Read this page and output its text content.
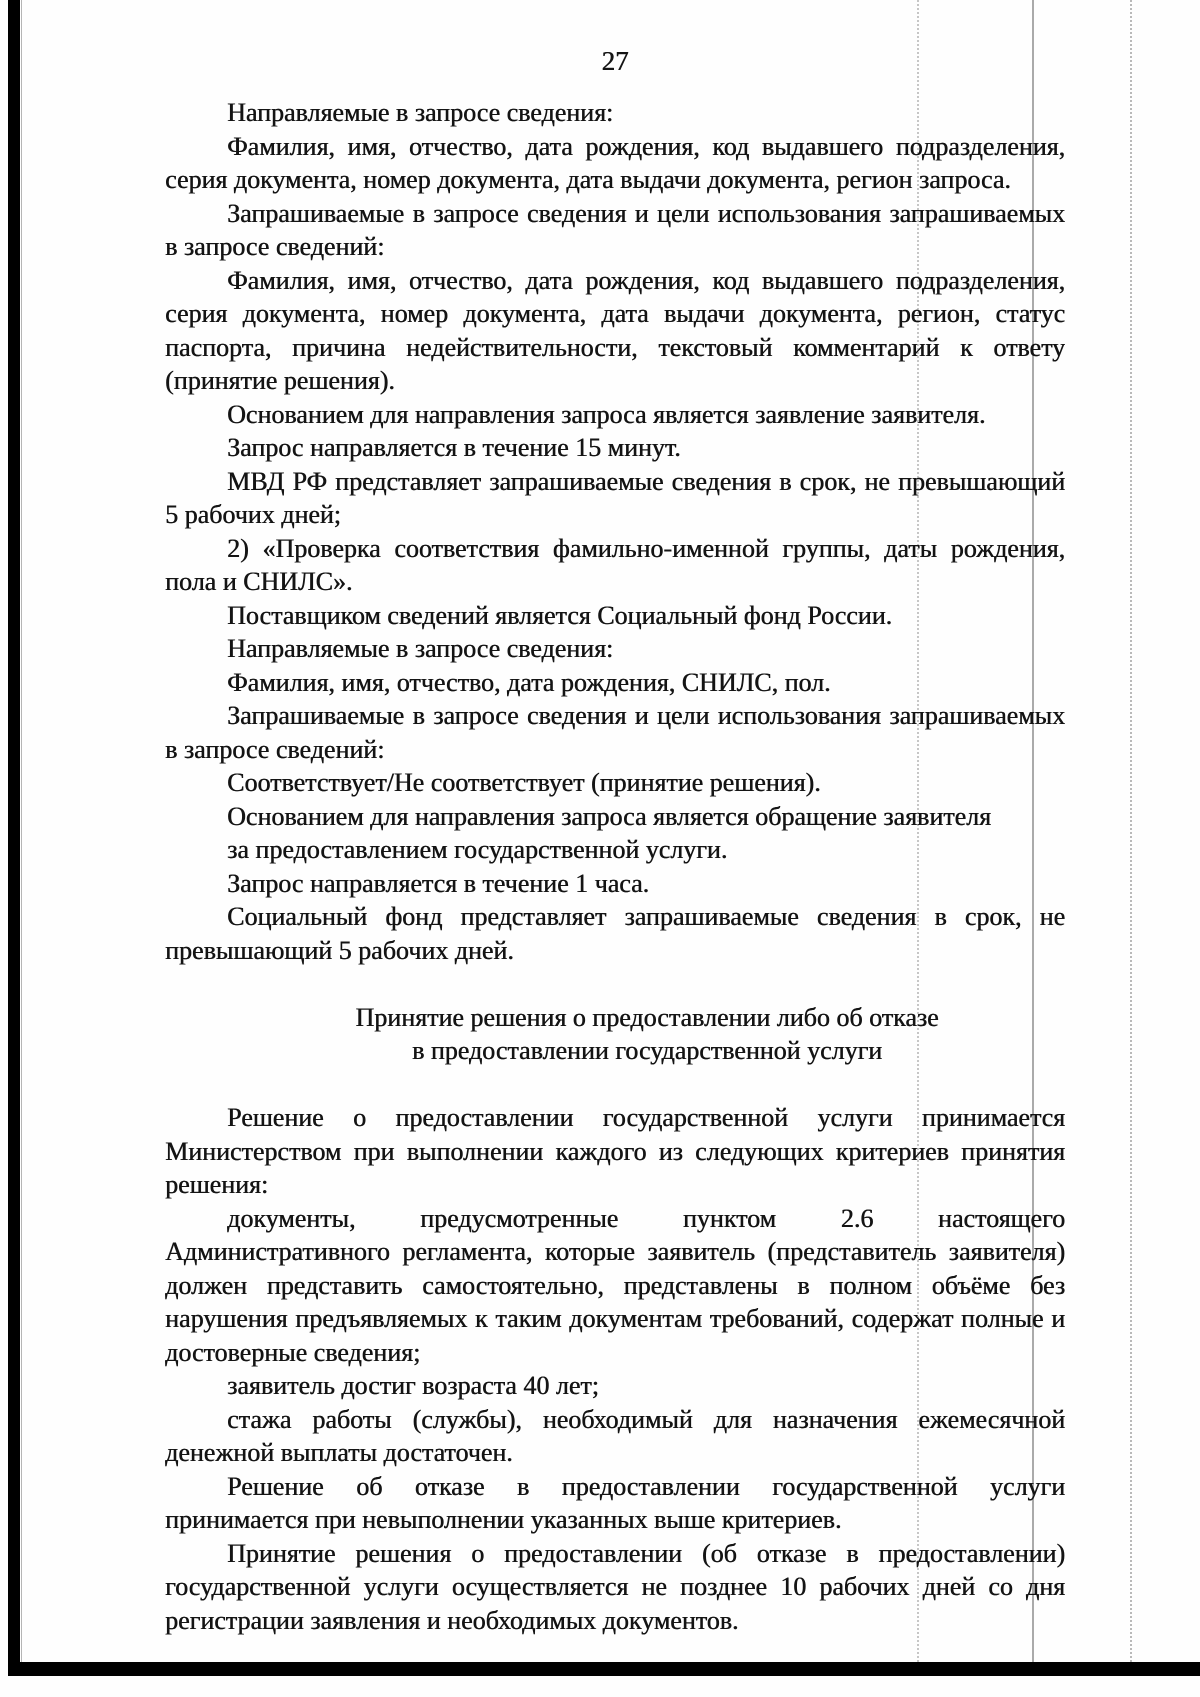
27
Направляемые в запросе сведения:
Фамилия, имя, отчество, дата рождения, код выдавшего подразделения,
серия документа, номер документа, дата выдачи документа, регион запроса.
Запрашиваемые в запросе сведения и цели использования запрашиваемых
в запросе сведений:
Фамилия, имя, отчество, дата рождения, код выдавшего подразделения,
серия документа, номер документа, дата выдачи документа, регион, статус
паспорта, причина недействительности, текстовый комментарий к ответу
(принятие решения).
Основанием для направления запроса является заявление заявителя.
Запрос направляется в течение 15 минут.
МВД РФ представляет запрашиваемые сведения в срок, не превышающий
5 рабочих дней;
2) «Проверка соответствия фамильно-именной группы, даты рождения,
пола и СНИЛС».
Поставщиком сведений является Социальный фонд России.
Направляемые в запросе сведения:
Фамилия, имя, отчество, дата рождения, СНИЛС, пол.
Запрашиваемые в запросе сведения и цели использования запрашиваемых
в запросе сведений:
Соответствует/Не соответствует (принятие решения).
Основанием для направления запроса является обращение заявителя
за предоставлением государственной услуги.
Запрос направляется в течение 1 часа.
Социальный фонд представляет запрашиваемые сведения в срок, не
превышающий 5 рабочих дней.
Принятие решения о предоставлении либо об отказе
в предоставлении государственной услуги
Решение о предоставлении государственной услуги принимается
Министерством при выполнении каждого из следующих критериев принятия
решения:
документы, предусмотренные пунктом 2.6 настоящего
Административного регламента, которые заявитель (представитель заявителя)
должен представить самостоятельно, представлены в полном объёме без
нарушения предъявляемых к таким документам требований, содержат полные и
достоверные сведения;
заявитель достиг возраста 40 лет;
стажа работы (службы), необходимый для назначения ежемесячной
денежной выплаты достаточен.
Решение об отказе в предоставлении государственной услуги
принимается при невыполнении указанных выше критериев.
Принятие решения о предоставлении (об отказе в предоставлении)
государственной услуги осуществляется не позднее 10 рабочих дней со дня
регистрации заявления и необходимых документов.
